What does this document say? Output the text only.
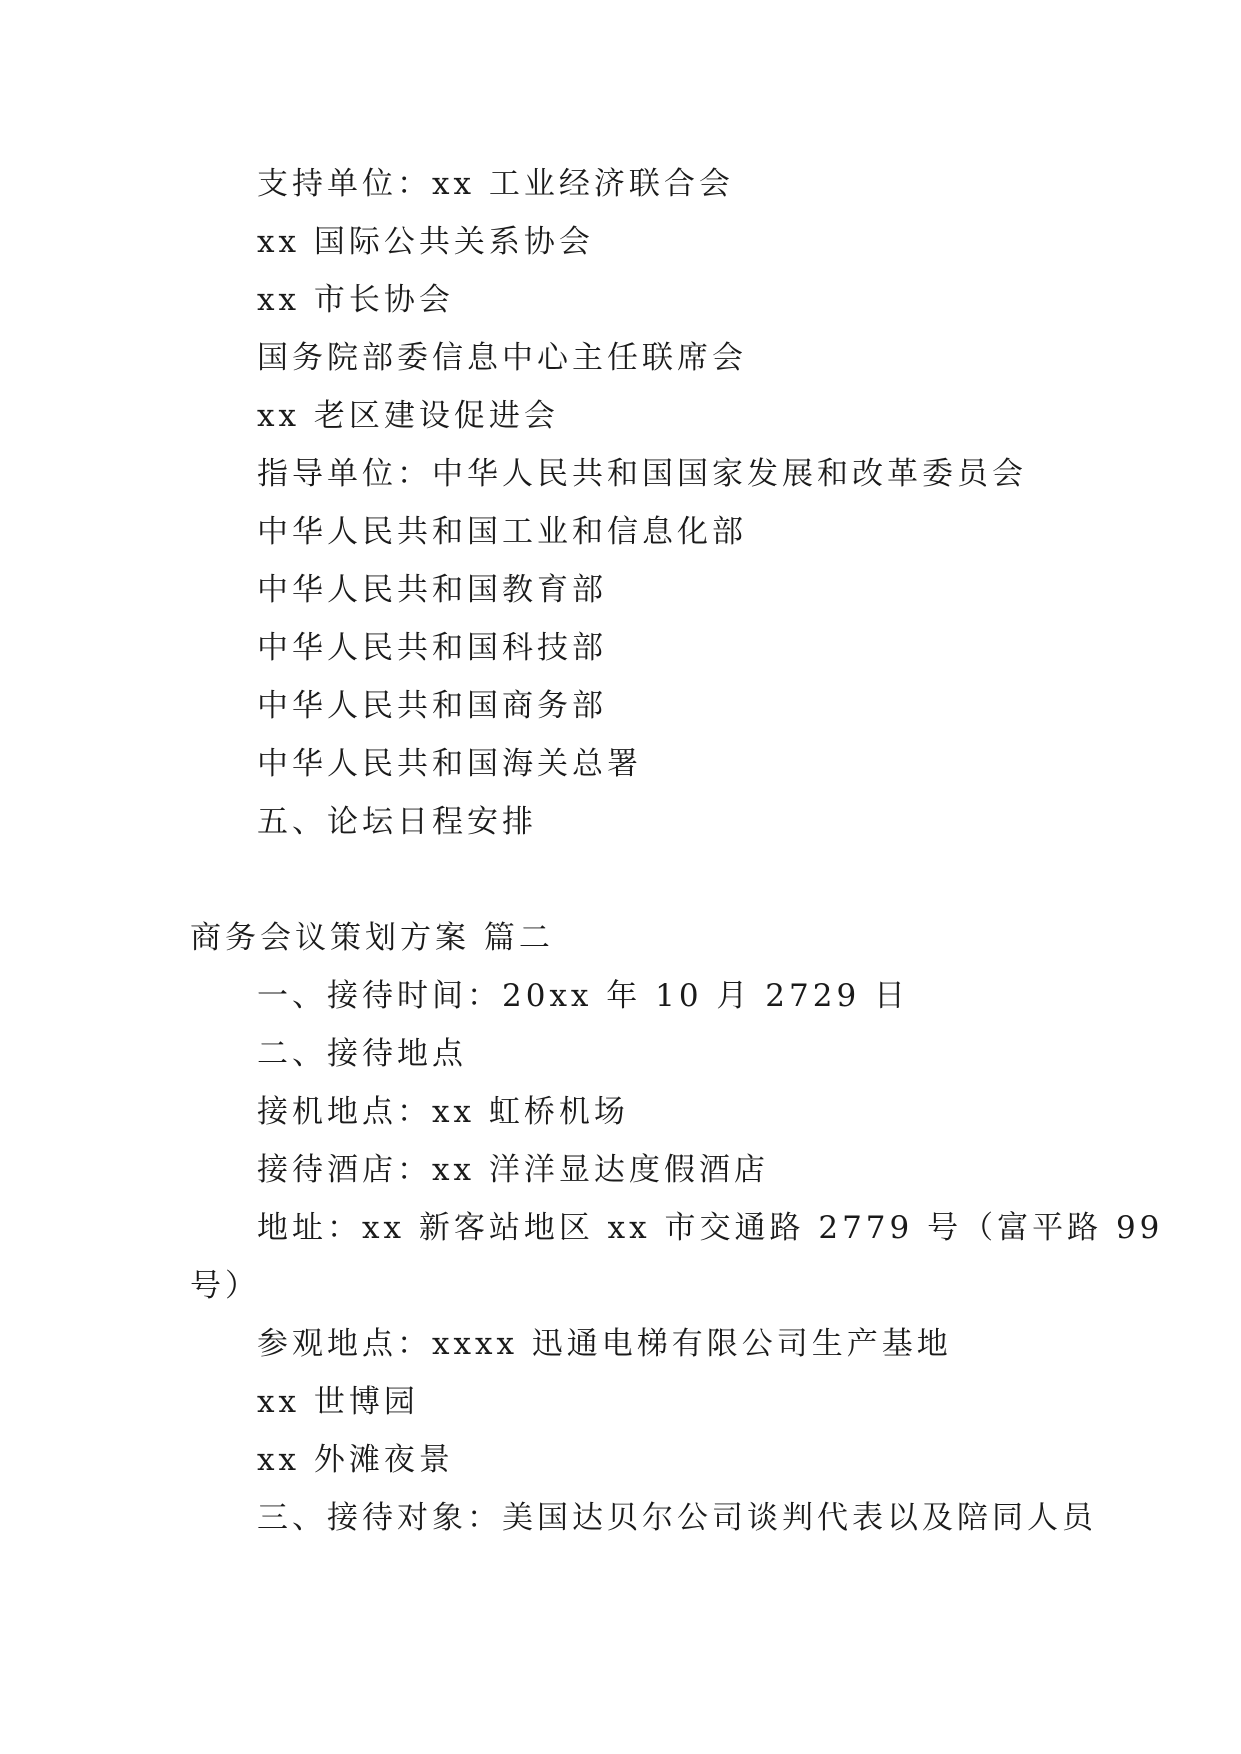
支持单位：xx 工业经济联合会
xx 国际公共关系协会
xx 市长协会
国务院部委信息中心主任联席会
xx 老区建设促进会
指导单位：中华人民共和国国家发展和改革委员会
中华人民共和国工业和信息化部
中华人民共和国教育部
中华人民共和国科技部
中华人民共和国商务部
中华人民共和国海关总署
五、论坛日程安排
商务会议策划方案 篇二
一、接待时间：20xx 年 10 月 2729 日
二、接待地点
接机地点：xx 虹桥机场
接待酒店：xx 洋洋显达度假酒店
地址：xx 新客站地区 xx 市交通路 2779 号（富平路 99
号）
参观地点：xxxx 迅通电梯有限公司生产基地
xx 世博园
xx 外滩夜景
三、接待对象：美国达贝尔公司谈判代表以及陪同人员
